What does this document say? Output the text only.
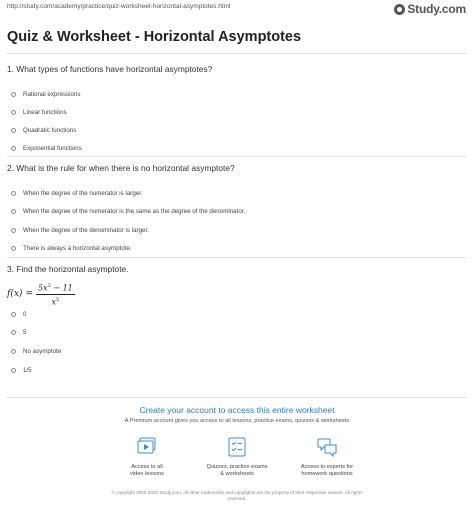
http://study.com/academy/practice/quiz-worksheet-horizontal-asymptotes.html	Study.com
Quiz & Worksheet - Horizontal Asymptotes
1. What types of functions have horizontal asymptotes?
Rational expressions
Linear functions
Quadratic functions
Exponential functions
2. What is the rule for when there is no horizontal asymptote?
When the degree of the numerator is larger.
When the degree of the numerator is the same as the degree of the denominator.
When the degree of the denominator is larger.
There is always a horizontal asymptote.
3. Find the horizontal asymptote.
$f(x) = \frac{5x^3 - 11}{x^5}$
0
5
No asymptote
1/5
Create your account to access this entire worksheet
A Premium account gives you access to all lessons, practice exams, quizzes & worksheets
Access to all
video lessons
Quizzes, practice exams
& worksheets
Access to experts for
homework questions
© copyright 2003-2020 Study.com. All other trademarks and copyrights are the property of their respective owners. All rights
reserved.
